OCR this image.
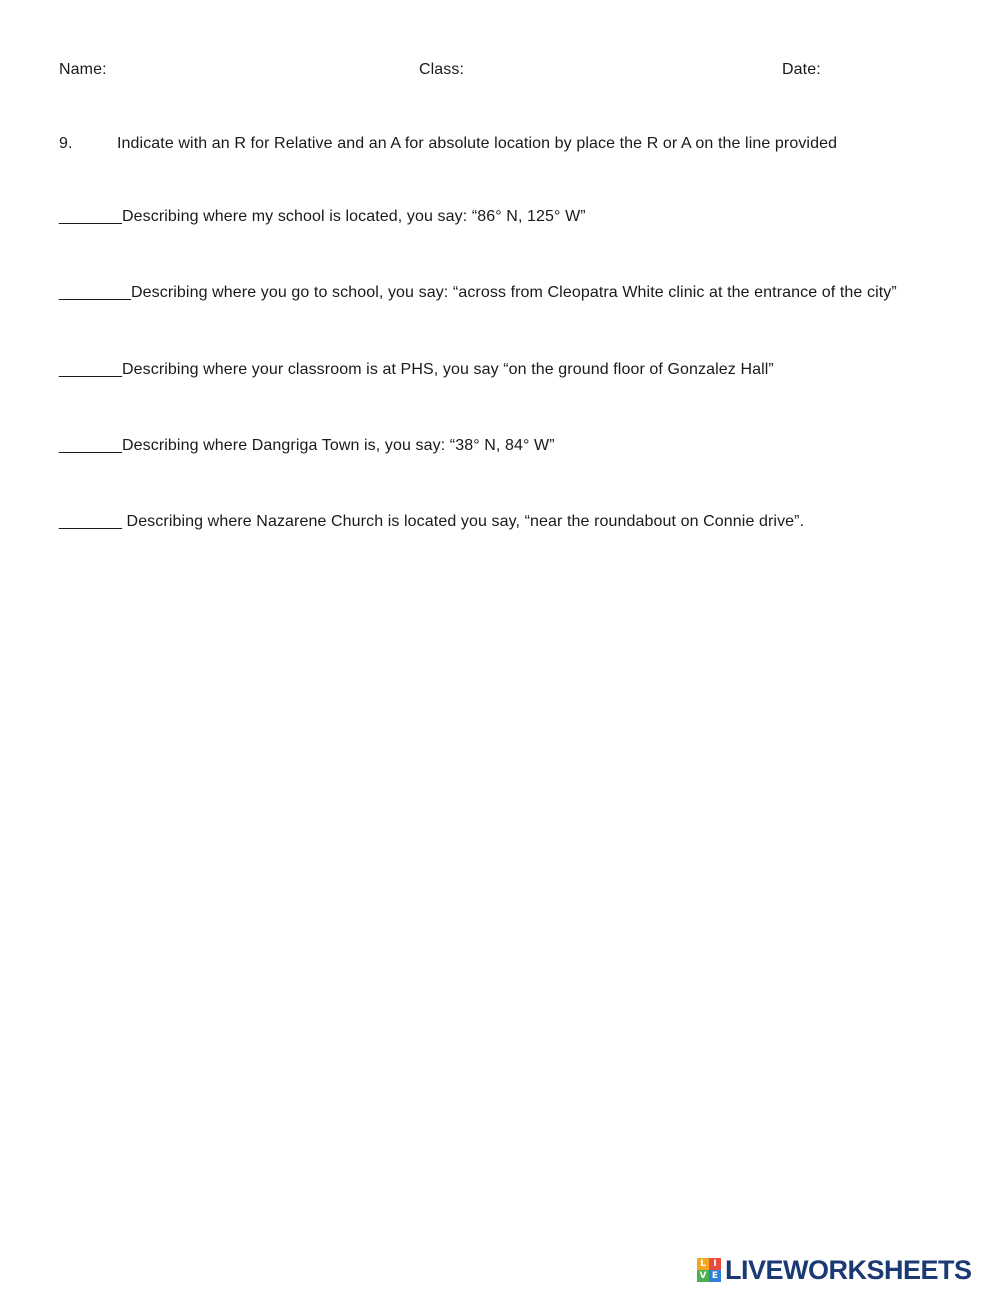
Name:	Class:	Date:
9.	Indicate with an R for Relative and an A for absolute location by place the R or A on the line provided
_______Describing where my school is located, you say: “86° N, 125° W”
________Describing where you go to school, you say: “across from Cleopatra White clinic at the entrance of the city”
_______Describing where your classroom is at PHS, you say “on the ground floor of Gonzalez Hall”
_______Describing where Dangriga Town is, you say: “38° N, 84° W”
_______ Describing where Nazarene Church is located you say, “near the roundabout on Connie drive”.
L I
V E LIVEWORKSHEETS
